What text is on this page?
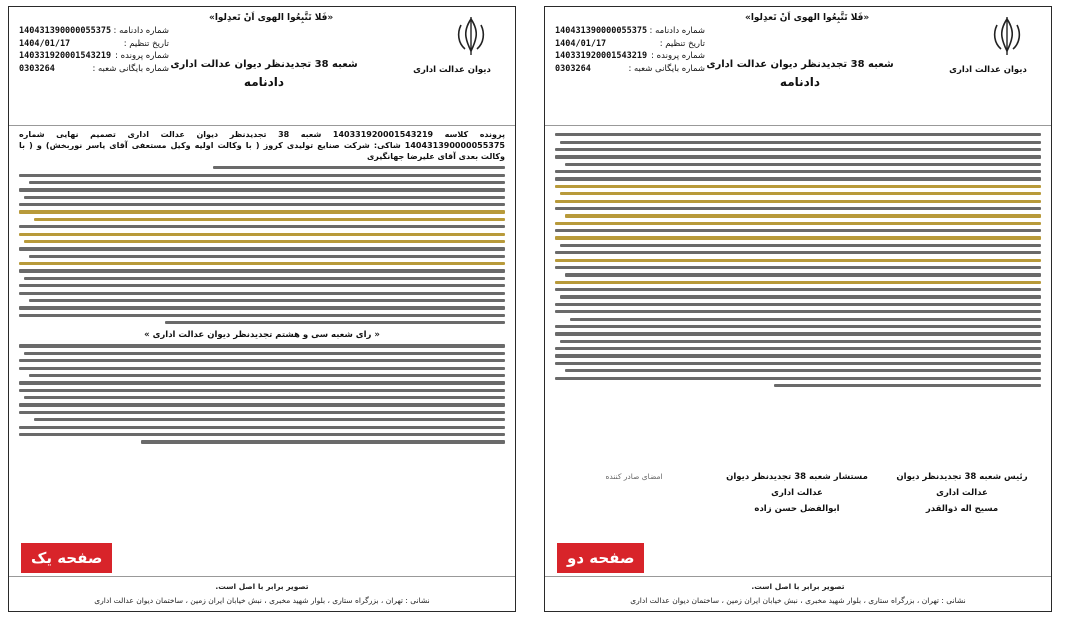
«فَلا تَتَّبِعُوا الهوى اَنْ تَعدِلوا»
دیوان عدالت اداری
شعبه 38 تجدیدنظر دیوان عدالت اداری
دادنامه
شماره دادنامه :
140431390000055375
تاریخ تنظیم :
1404/01/17
شماره پرونده :
140331920001543219
شماره بایگانی شعبه :
0303264

پرونده کلاسه 140331920001543219 شعبه 38 تجدیدنظر دیوان عدالت اداری تصمیم نهایی شماره 140431390000055375 شاکی: شرکت صنایع تولیدی کروز ( با وکالت اولیه وکیل مستعفی آقای یاسر نوربخش) و ( با وکالت بعدی آقای علیرضا جهانگیری

« رای شعبه سی و هشتم تجدیدنظر دیوان عدالت اداری »
صفحه یک
تصویر برابر با اصل است.
نشانی : تهران ، بزرگراه ستاری ، بلوار شهید مخبری ، نبش خیابان ایران زمین ، ساختمان دیوان عدالت اداری
«فَلا تَتَّبِعُوا الهوى اَنْ تَعدِلوا»
دیوان عدالت اداری
شعبه 38 تجدیدنظر دیوان عدالت اداری
دادنامه
شماره دادنامه :
140431390000055375
تاریخ تنظیم :
1404/01/17
شماره پرونده :
140331920001543219
شماره بایگانی شعبه :
0303264
رئیس شعبه 38 تجدیدنظر دیوان عدالت اداری
مسیح اله ذوالقدر
مستشار شعبه 38 تجدیدنظر دیوان عدالت اداری
ابوالفضل حسن زاده
امضای صادر کننده
صفحه دو
تصویر برابر با اصل است.
نشانی : تهران ، بزرگراه ستاری ، بلوار شهید مخبری ، نبش خیابان ایران زمین ، ساختمان دیوان عدالت اداری
